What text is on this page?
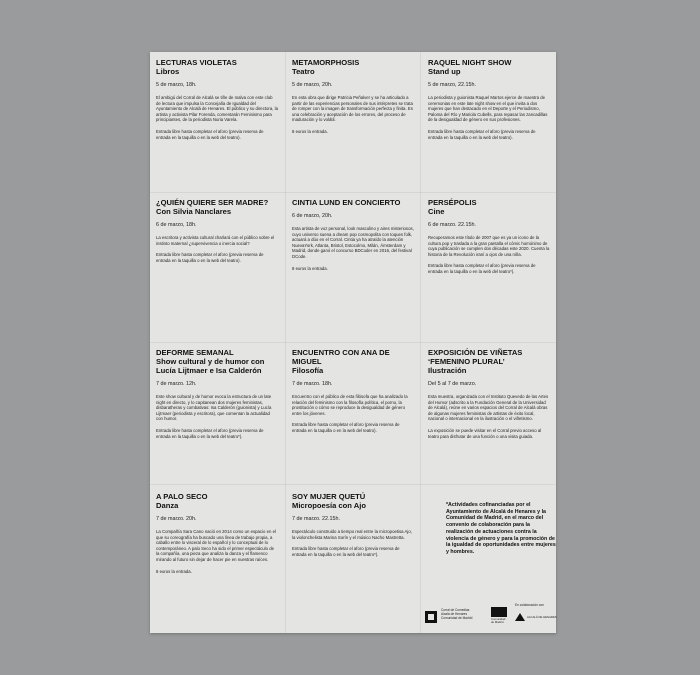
LECTURAS VIOLETAS
Libros
5 de marzo, 18h.
El ambigú del Corral de Alcalá se tiñe de malva con este club de lectura que impulsa la Concejalía de Igualdad del Ayuntamiento de Alcalá de Henares. El público y su directora, la artista y activista Pilar Forenda, comentarán Feminismo para principiantes, de la periodista Nuria Varela.
Entrada libre hasta completar el aforo (previa reserva de entrada en la taquilla o en la web del teatro).
METAMORPHOSIS
Teatro
5 de marzo, 20h.
En esta obra que dirige Patricia Peñalver y se ha articulado a partir de las experiencias personales de sus intérpretes se trata de romper con la imagen de transformación perfecta y finita. Es una celebración y aceptación de los errores, del proceso de maduración y lo volátil.
8 euros la entrada.
RAQUEL NIGHT SHOW
Stand up
5 de marzo, 22.15h.
La periodista y guionista Raquel Martos ejerce de maestra de ceremonias en este late night show en el que invita a dos mujeres que han destacado en el Deporte y el Periodismo, Paloma del Río y Mariola Cubells, para repasar las zancadillas de la desigualdad de género en sus profesiones.
Entrada libre hasta completar el aforo (previa reserva de entrada en la taquilla o en la web del teatro).
¿QUIÉN QUIERE SER MADRE?
Con Silvia Nanclares
6 de marzo, 18h.
La escritora y activista cultural charlará con el público sobre el instinto maternal ¿supervivencia o inercia social?
Entrada libre hasta completar el aforo (previa reserva de entrada en la taquilla o en la web del teatro).
CINTIA LUND EN CONCIERTO
6 de marzo, 20h.
Esta artista de voz personal, look masculino y aires misteriosos, cuyo universo suena a dream pop cosmopolita con toques folk, actuará a dúo en el Corral. Cintia ya ha atraído la atención NuevaYork, Atlanta, Bristol, Estocolmo, Milán, Ámsterdam y Madrid, donde ganó el concurso BDCoder en 2016, del festival DCode.
8 euros la entrada.
PERSÉPOLIS
Cine
6 de marzo. 22.15h.
Recuperamos este título de 2007 que es ya un icono de la cultura pop y traslada a la gran pantalla el cómic homónimo de cuya publicación se cumplen dos décadas este 2020. Cuenta la historia de la Revolución iraní a ojos de una niña.
Entrada libre hasta completar el aforo (previa reserva de entrada en la taquilla o en la web del teatro*).
DEFORME SEMANAL
Show cultural y de humor con Lucía Lijtmaer e Isa Calderón
7 de marzo. 12h.
Este show cultural y de humor evoca la estructura de un late night en directo, y lo capitanean dos mujeres feministas, disbaratheras y combativas: Isa Calderón (guionista) y Lucía Lijtmaer (periodista y escritora), que comentan la actualidad con humor.
Entrada libre hasta completar el aforo (previa reserva de entrada en la taquilla o en la web del teatro*).
ENCUENTRO CON ANA DE MIGUEL
Filosofía
7 de marzo. 18h.
Encuentro con el público de esta filósofa que ha analizado la relación del feminismo con la filosofía política, el porno, la prostitución o cómo se reproduce la desigualdad de género entre los jóvenes.
Entrada libre hasta completar el aforo (previa reserva de entrada en la taquilla o en la web del teatro).
EXPOSICIÓN DE VIÑETAS ‘FEMENINO PLURAL’
Ilustración
Del 5 al 7 de marzo.
Esta muestra, organizada con el Instituto Quevedo de las Artes del Humor (adscrito a la Fundación General de la Universidad de Alcalá), reúne en varios espacios del Corral de Alcalá obras de algunas mujeres feministas de artistas de éxito local, nacional o internacional en la ilustración o el viñetismo.
La exposición se puede visitar en el Corral previo acceso al teatro para disfrutar de una función o una visita guiada.
A PALO SECO
Danza
7 de marzo. 20h.
La Compañía Sara Cano nació en 2014 como un espacio en el que su coreografía ha buscado una línea de trabajo propia, a caballo entre lo visceral de lo español y lo conceptual de lo contemporáneo. A palo Seco ha sido el primer espectáculo de la compañía, una pieza que analiza la danza y el flamenco mirando al futuro sin dejar de hacer pie en nuestras raíces.
8 euros la entrada.
SOY MUJER QUETÚ
Micropoesía con Ajo
7 de marzo. 22.15h.
Espectáculo construido a tiempo real entre la micropoetisa Ajo, la violonchelista Marina Sorín y el músico Nacho Mastretta.
Entrada libre hasta completar el aforo (previa reserva de entrada en la taquilla o en la web del teatro*).
*Actividades cofinanciadas por el Ayuntamiento de Alcalá de Henares y la Comunidad de Madrid, en el marco del convenio de colaboración para la realización de actuaciones contra la violencia de género y para la promoción de la igualdad de oportunidades entre mujeres y hombres.
Corral de Comedias
Alcalá de Henares
Comunidad de Madrid	Comunidad de Madrid
En colaboración con
ALCALÁ DE HENARES
